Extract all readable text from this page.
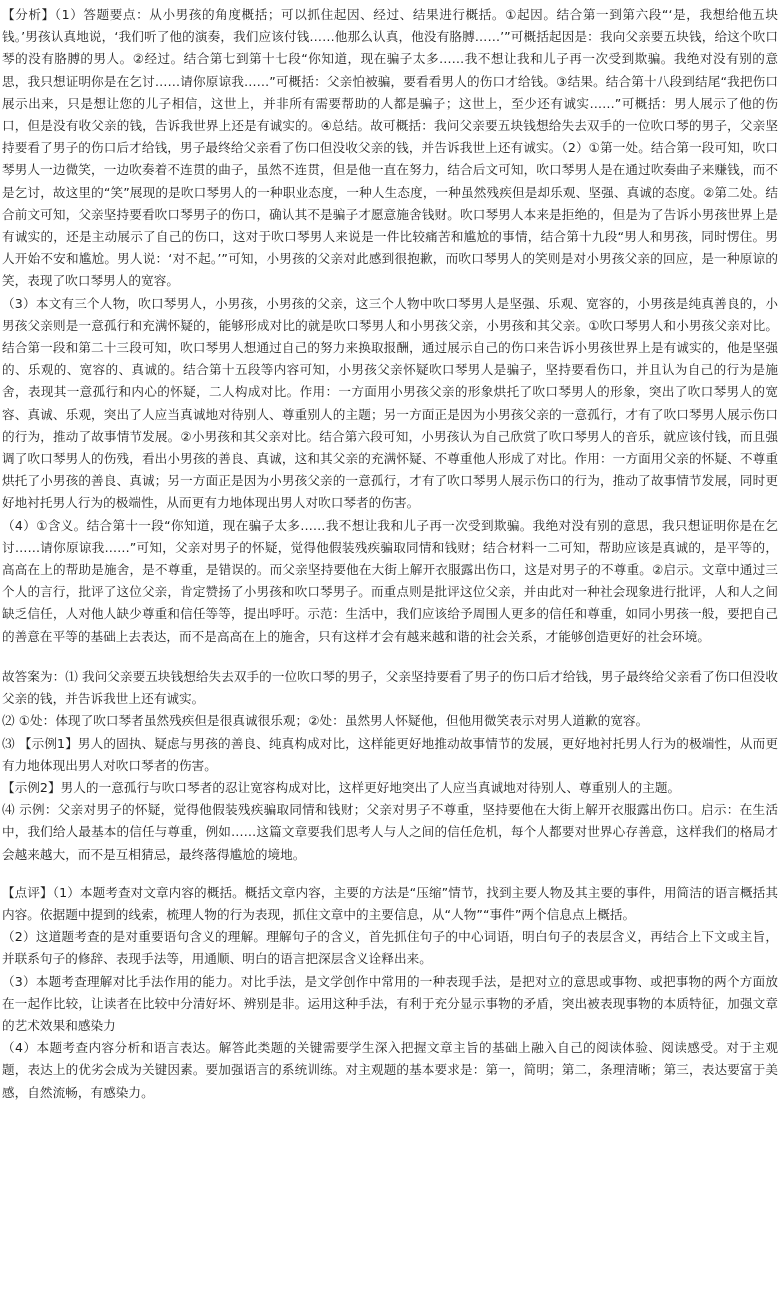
【分析】（1）答题要点：从小男孩的角度概括；可以抓住起因、经过、结果进行概括。①起因。结合第一到第六段“‘是，我想给他五块钱。’男孩认真地说，‘我们听了他的演奏，我们应该付钱……他那么认真，他没有胳膊……’”可概括起因是：我向父亲要五块钱，给这个吹口琴的没有胳膊的男人。②经过。结合第七到第十七段“你知道，现在骗子太多……我不想让我和儿子再一次受到欺骗。我绝对没有别的意思，我只想证明你是在乞讨……请你原谅我……”可概括：父亲怕被骗，要看看男人的伤口才给钱。③结果。结合第十八段到结尾“我把伤口展示出来，只是想让您的儿子相信，这世上，并非所有需要帮助的人都是骗子；这世上，至少还有诚实……”可概括：男人展示了他的伤口，但是没有收父亲的钱，告诉我世界上还是有诚实的。④总结。故可概括：我问父亲要五块钱想给失去双手的一位吹口琴的男子，父亲坚持要看了男子的伤口后才给钱，男子最终给父亲看了伤口但没收父亲的钱，并告诉我世上还有诚实。（2）①第一处。结合第一段可知，吹口琴男人一边微笑，一边吹奏着不连贯的曲子，虽然不连贯，但是他一直在努力，结合后文可知，吹口琴男人是在通过吹奏曲子来赚钱，而不是乞讨，故这里的“笑”展现的是吹口琴男人的一种职业态度，一种人生态度，一种虽然残疾但是却乐观、坚强、真诚的态度。②第二处。结合前文可知，父亲坚持要看吹口琴男子的伤口，确认其不是骗子才愿意施舍钱财。吹口琴男人本来是拒绝的，但是为了告诉小男孩世界上是有诚实的，还是主动展示了自己的伤口，这对于吹口琴男人来说是一件比较痛苦和尴尬的事情，结合第十九段“男人和男孩，同时愣住。男人开始不安和尴尬。男人说：‘对不起。’”可知，小男孩的父亲对此感到很抱歉，而吹口琴男人的笑则是对小男孩父亲的回应，是一种原谅的笑，表现了吹口琴男人的宽容。

（3）本文有三个人物，吹口琴男人，小男孩，小男孩的父亲，这三个人物中吹口琴男人是坚强、乐观、宽容的，小男孩是纯真善良的，小男孩父亲则是一意孤行和充满怀疑的，能够形成对比的就是吹口琴男人和小男孩父亲，小男孩和其父亲。①吹口琴男人和小男孩父亲对比。结合第一段和第二十三段可知，吹口琴男人想通过自己的努力来换取报酬，通过展示自己的伤口来告诉小男孩世界上是有诚实的，他是坚强的、乐观的、宽容的、真诚的。结合第十五段等内容可知，小男孩父亲怀疑吹口琴男人是骗子，坚持要看伤口，并且认为自己的行为是施舍，表现其一意孤行和内心的怀疑，二人构成对比。作用：一方面用小男孩父亲的形象烘托了吹口琴男人的形象，突出了吹口琴男人的宽容、真诚、乐观，突出了人应当真诚地对待别人、尊重别人的主题；另一方面正是因为小男孩父亲的一意孤行，才有了吹口琴男人展示伤口的行为，推动了故事情节发展。②小男孩和其父亲对比。结合第六段可知，小男孩认为自己欣赏了吹口琴男人的音乐，就应该付钱，而且强调了吹口琴男人的伤残，看出小男孩的善良、真诚，这和其父亲的充满怀疑、不尊重他人形成了对比。作用：一方面用父亲的怀疑、不尊重烘托了小男孩的善良、真诚；另一方面正是因为小男孩父亲的一意孤行，才有了吹口琴男人展示伤口的行为，推动了故事情节发展，同时更好地衬托男人行为的极端性，从而更有力地体现出男人对吹口琴者的伤害。

（4）①含义。结合第十一段“你知道，现在骗子太多……我不想让我和儿子再一次受到欺骗。我绝对没有别的意思，我只想证明你是在乞讨……请你原谅我……”可知，父亲对男子的怀疑，觉得他假装残疾骗取同情和钱财；结合材料一二可知，帮助应该是真诚的，是平等的，高高在上的帮助是施舍，是不尊重，是错误的。而父亲坚持要他在大街上解开衣服露出伤口，这是对男子的不尊重。②启示。文章中通过三个人的言行，批评了这位父亲，肯定赞扬了小男孩和吹口琴男子。而重点则是批评这位父亲，并由此对一种社会现象进行批评，人和人之间缺乏信任，人对他人缺少尊重和信任等等，提出呼吁。示范：生活中，我们应该给予周围人更多的信任和尊重，如同小男孩一般，要把自己的善意在平等的基础上去表达，而不是高高在上的施舍，只有这样才会有越来越和谐的社会关系，才能够创造更好的社会环境。

故答案为：⑴ 我问父亲要五块钱想给失去双手的一位吹口琴的男子，父亲坚持要看了男子的伤口后才给钱，男子最终给父亲看了伤口但没收父亲的钱，并告诉我世上还有诚实。

⑵ ①处：体现了吹口琴者虽然残疾但是很真诚很乐观；②处：虽然男人怀疑他，但他用微笑表示对男人道歉的宽容。

⑶ 【示例1】男人的固执、疑虑与男孩的善良、纯真构成对比，这样能更好地推动故事情节的发展，更好地衬托男人行为的极端性，从而更有力地体现出男人对吹口琴者的伤害。

【示例2】男人的一意孤行与吹口琴者的忍让宽容构成对比，这样更好地突出了人应当真诚地对待别人、尊重别人的主题。

⑷ 示例：父亲对男子的怀疑，觉得他假装残疾骗取同情和钱财；父亲对男子不尊重，坚持要他在大街上解开衣服露出伤口。启示：在生活中，我们给人最基本的信任与尊重，例如……这篇文章要我们思考人与人之间的信任危机，每个人都要对世界心存善意，这样我们的格局才会越来越大，而不是互相猜忌，最终落得尴尬的境地。

【点评】（1）本题考查对文章内容的概括。概括文章内容，主要的方法是“压缩”情节，找到主要人物及其主要的事件，用简洁的语言概括其内容。依据题中提到的线索，梳理人物的行为表现，抓住文章中的主要信息，从“人物”“事件”两个信息点上概括。

（2）这道题考查的是对重要语句含义的理解。理解句子的含义，首先抓住句子的中心词语，明白句子的表层含义，再结合上下文或主旨，并联系句子的修辞、表现手法等，用通顺、明白的语言把深层含义诠释出来。

（3）本题考查理解对比手法作用的能力。对比手法，是文学创作中常用的一种表现手法，是把对立的意思或事物、或把事物的两个方面放在一起作比较，让读者在比较中分清好坏、辨别是非。运用这种手法，有利于充分显示事物的矛盾，突出被表现事物的本质特征，加强文章的艺术效果和感染力

（4）本题考查内容分析和语言表达。解答此类题的关键需要学生深入把握文章主旨的基础上融入自己的阅读体验、阅读感受。对于主观题，表达上的优劣会成为关键因素。要加强语言的系统训练。对主观题的基本要求是：第一，简明；第二，条理清晰；第三，表达要富于美感，自然流畅，有感染力。
